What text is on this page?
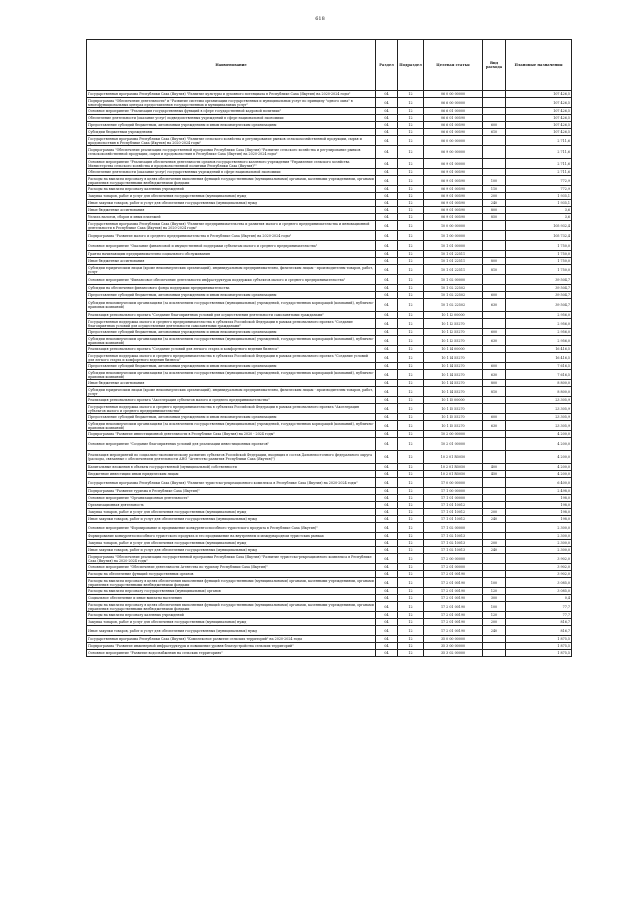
618
Наименование	Раздел	Подраздел	Целевая статья	Вид расхода	Плановые назначения
Государственная программа Республики Саха (Якутия) "Развитие культуры и духовного потенциала в Республике Саха (Якутия) на 2020-2024 годы"	04	12	06 0 00 00000		107 426,5
Подпрограмма "Обеспечение деятельности" и "Развитие системы организации государственных и муниципальных услуг по принципу "одного окна" в многофункциональных центрах предоставления государственных и муниципальных услуг"	04	12	06 6 00 00000		107 426,5
Основное мероприятие "Реализация государственных функций в сфере государственной кадровой политики"	04	12	06 6 01 00000		107 426,5
Обеспечение деятельности (оказание услуг) подведомственных учреждений в сфере национальной экономики	04	12	06 6 01 00590		107 426,5
Предоставление субсидий бюджетным, автономным учреждениям и иным некоммерческим организациям	04	12	06 6 01 00590	600	107 426,5
Субсидии бюджетным учреждениям	04	12	06 6 01 00590	610	107 426,5
Государственная программа Республики Саха (Якутия) "Развитие сельского хозяйства и регулирование рынков сельскохозяйственной продукции, сырья и продовольствия в Республике Саха (Якутия) на 2020-2024 годы"	04	12	06 0 00 00000		2 711,6
Подпрограмма "Обеспечение реализации государственной программы Республики Саха (Якутия) "Развитие сельского хозяйства и регулирование рынков сельскохозяйственной продукции, сырья и продовольствия в Республике Саха (Якутия) на 2020-2024 годы"	04	12	06 9 00 00000		2 711,6
Основное мероприятие "Реализация обеспечения деятельности органов государственного казенного учреждения "Управление сельского хозяйства Министерства сельского хозяйства и продовольственной политики Республики Саха (Якутия)""	04	12	06 9 01 00000		2 711,6
Обеспечение деятельности (оказание услуг) государственных учреждений в сфере национальной экономики	04	12	06 9 01 00590		2 711,6
Расходы на выплаты персоналу в целях обеспечения выполнения функций государственными (муниципальными) органами, казенными учреждениями, органами управления государственными внебюджетными фондами	04	12	06 9 01 00590	100	772,9
Расходы на выплаты персоналу казенных учреждений	04	12	06 9 01 00590	110	772,9
Закупка товаров, работ и услуг для обеспечения государственных (муниципальных) нужд	04	12	06 9 01 00590	200	1 935,1
Иные закупки товаров, работ и услуг для обеспечения государственных (муниципальных) нужд	04	12	06 9 01 00590	240	1 935,1
Иные бюджетные ассигнования	04	12	06 9 01 00590	800	3,6
Уплата налогов, сборов и иных платежей	04	12	06 9 01 00590	850	3,6
Государственная программа Республики Саха (Якутия) "Развитие предпринимательства и развития малого и среднего предпринимательства и инновационной деятельности в Республике Саха (Якутия) на 2020-2024 годы"	04	12	10 0 00 00000		105 932,4
Подпрограмма "Развитие малого и среднего предпринимательства в Республике Саха (Якутия) на 2020-2024 годы"	04	12	10 1 00 00000		105 732,4
Основное мероприятие "Оказание финансовой и имущественной поддержки субъектам малого и среднего предпринимательства"	04	12	10 1 01 00000		1 750,0
Гранты начинающим предпринимателям социального обслуживания	04	12	10 1 01 22511		1 750,0
Иные бюджетные ассигнования	04	12	10 1 01 22511	800	1 750,0
Субсидии юридическим лицам (кроме некоммерческих организаций), индивидуальным предпринимателям, физическим лицам - производителям товаров, работ, услуг	04	12	10 1 01 22511	810	1 750,0
Основное мероприятие "Финансовое обеспечение деятельности инфраструктуры поддержки субъектов малого и среднего предпринимательства"	04	12	10 1 02 00000		39 504,7
Субсидии на обеспечение финансового фонда поддержки предпринимательства	04	12	10 1 02 22502		39 504,7
Предоставление субсидий бюджетным, автономным учреждениям и иным некоммерческим организациям	04	12	10 1 02 22502	600	39 504,7
Субсидии некоммерческим организациям (за исключением государственных (муниципальных) учреждений, государственных корпораций (компаний), публично-правовых компаний)	04	12	10 1 02 22502	630	39 504,7
Реализация регионального проекта "Создание благоприятных условий для осуществления деятельности самозанятыми гражданами"	04	12	10 1 I2 00000		2 956,0
Государственная поддержка малого и среднего предпринимательства в субъектах Российской Федерации в рамках регионального проекта "Создание благоприятных условий для осуществления деятельности самозанятыми гражданами"	04	12	10 1 I2 55270		2 956,0
Предоставление субсидий бюджетным, автономным учреждениям и иным некоммерческим организациям	04	12	10 1 I2 55270	600	2 956,0
Субсидии некоммерческим организациям (за исключением государственных (муниципальных) учреждений, государственных корпораций (компаний), публично-правовых компаний)	04	12	10 1 I2 55270	630	2 956,0
Реализация регионального проекта "Создание условий для легкого старта и комфортного ведения бизнеса"	04	12	10 1 I4 00000		16 416,5
Государственная поддержка малого и среднего предпринимательства в субъектах Российской Федерации в рамках регионального проекта "Создание условий для легкого старта и комфортного ведения бизнеса"	04	12	10 1 I4 55270		16 416,5
Предоставление субсидий бюджетным, автономным учреждениям и иным некоммерческим организациям	04	12	10 1 I4 55270	600	7 616,5
Субсидии некоммерческим организациям (за исключением государственных (муниципальных) учреждений, государственных корпораций (компаний), публично-правовых компаний)	04	12	10 1 I4 55270	630	7 616,5
Иные бюджетные ассигнования	04	12	10 1 I4 55270	800	8 800,0
Субсидии юридическим лицам (кроме некоммерческих организаций), индивидуальным предпринимателям, физическим лицам - производителям товаров, работ, услуг	04	12	10 1 I4 55270	810	8 800,0
Реализация регионального проекта "Акселерация субъектов малого и среднего предпринимательства"	04	12	10 1 I5 00000		23 305,9
Государственная поддержка малого и среднего предпринимательства в субъектах Российской Федерации в рамках регионального проекта "Акселерация субъектов малого и среднего предпринимательства"	04	12	10 1 I5 55270		23 305,9
Предоставление субсидий бюджетным, автономным учреждениям и иным некоммерческим организациям	04	12	10 1 I5 55270	600	23 305,9
Субсидии некоммерческим организациям (за исключением государственных (муниципальных) учреждений, государственных корпораций (компаний), публично-правовых компаний)	04	12	10 1 I5 55270	630	23 305,9
Подпрограмма "Развитие инвестиционной деятельности в Республике Саха (Якутия) на 2020 - 2024 годы"	04	12	10 2 00 00000		4 200,0
Основное мероприятие "Создание благоприятных условий для реализации инвестиционных проектов"	04	12	10 2 01 00000		4 200,0
Реализация мероприятий по социально-экономическому развитию субъектов Российской Федерации, входящих в состав Дальневосточного федерального округа (расходы, связанные с обеспечением деятельности АНО "Агентство развития Республики Саха (Якутия)")	04	12	10 2 01 R5050		4 200,0
Капитальные вложения в объекты государственной (муниципальной) собственности	04	12	10 2 01 R5050	400	4 200,0
Бюджетные инвестиции иным юридическим лицам	04	12	10 2 01 R5050	450	4 200,0
Государственная программа Республики Саха (Якутия) "Развитие туристско-рекреационного комплекса в Республике Саха (Якутия) на 2020-2024 годы"	04	12	17 0 00 00000		6 400,0
Подпрограмма "Развитие туризма в Республике Саха (Якутия)"	04	12	17 1 00 00000		2 498,0
Основное мероприятие "Организационная деятельность"	04	12	17 1 01 00000		198,0
Организационная деятельность	04	12	17 1 01 10012		198,0
Закупка товаров, работ и услуг для обеспечения государственных (муниципальных) нужд	04	12	17 1 01 10012	200	198,0
Иные закупки товаров, работ и услуг для обеспечения государственных (муниципальных) нужд	04	12	17 1 01 10012	240	198,0
Основное мероприятие "Формирование и продвижение конкурентоспособного туристского продукта в Республике Саха (Якутия)"	04	12	17 1 02 00000		2 300,0
Формирование конкурентоспособного туристского продукта и его продвижение на внутреннем и международном туристских рынках	04	12	17 1 02 10013		2 300,0
Закупка товаров, работ и услуг для обеспечения государственных (муниципальных) нужд	04	12	17 1 02 10013	200	2 300,0
Иные закупки товаров, работ и услуг для обеспечения государственных (муниципальных) нужд	04	12	17 1 02 10013	240	2 300,0
Подпрограмма "Обеспечение реализации государственной программы Республики Саха (Якутия) "Развитие туристско-рекреационного комплекса в Республике Саха (Якутия) на 2020-2024 годы"	04	12	17 2 00 00000		3 902,0
Основное мероприятие "Обеспечение деятельности Агентства по туризму Республики Саха (Якутия)"	04	12	17 2 01 00000		3 902,0
Расходы на обеспечение функций государственных органов	04	12	17 2 01 00190		3 902,0
Расходы на выплаты персоналу в целях обеспечения выполнения функций государственными (муниципальными) органами, казенными учреждениями, органами управления государственными внебюджетными фондами	04	12	17 2 01 00190	100	3 085,0
Расходы на выплаты персоналу государственных (муниципальных) органов	04	12	17 2 01 00190	120	3 085,0
Социальное обеспечение и иные выплаты населению	04	12	17 2 01 00190	300	0,4
Расходы на выплаты персоналу в целях обеспечения выполнения функций государственными (муниципальными) органами, казенными учреждениями, органами управления государственными внебюджетными фондами	04	12	17 2 01 00190	100	77,7
Расходы на выплаты персоналу казенных учреждений	04	12	17 2 01 00190	120	77,7
Закупка товаров, работ и услуг для обеспечения государственных (муниципальных) нужд	04	12	17 2 01 00190	200	816,7
Иные закупки товаров, работ и услуг для обеспечения государственных (муниципальных) нужд	04	12	17 2 01 00190	240	816,7
Государственная программа Республики Саха (Якутия) "Комплексное развитие сельских территорий" на 2020-2024 годы	04	12	35 0 00 00000		1 875,5
Подпрограмма "Развитие инженерной инфраструктуры и повышение уровня благоустройства сельских территорий"	04	12	35 3 00 00000		1 875,5
Основное мероприятие "Развитие водоснабжения на сельских территориях"	04	12	35 3 02 00000		1 875,5
